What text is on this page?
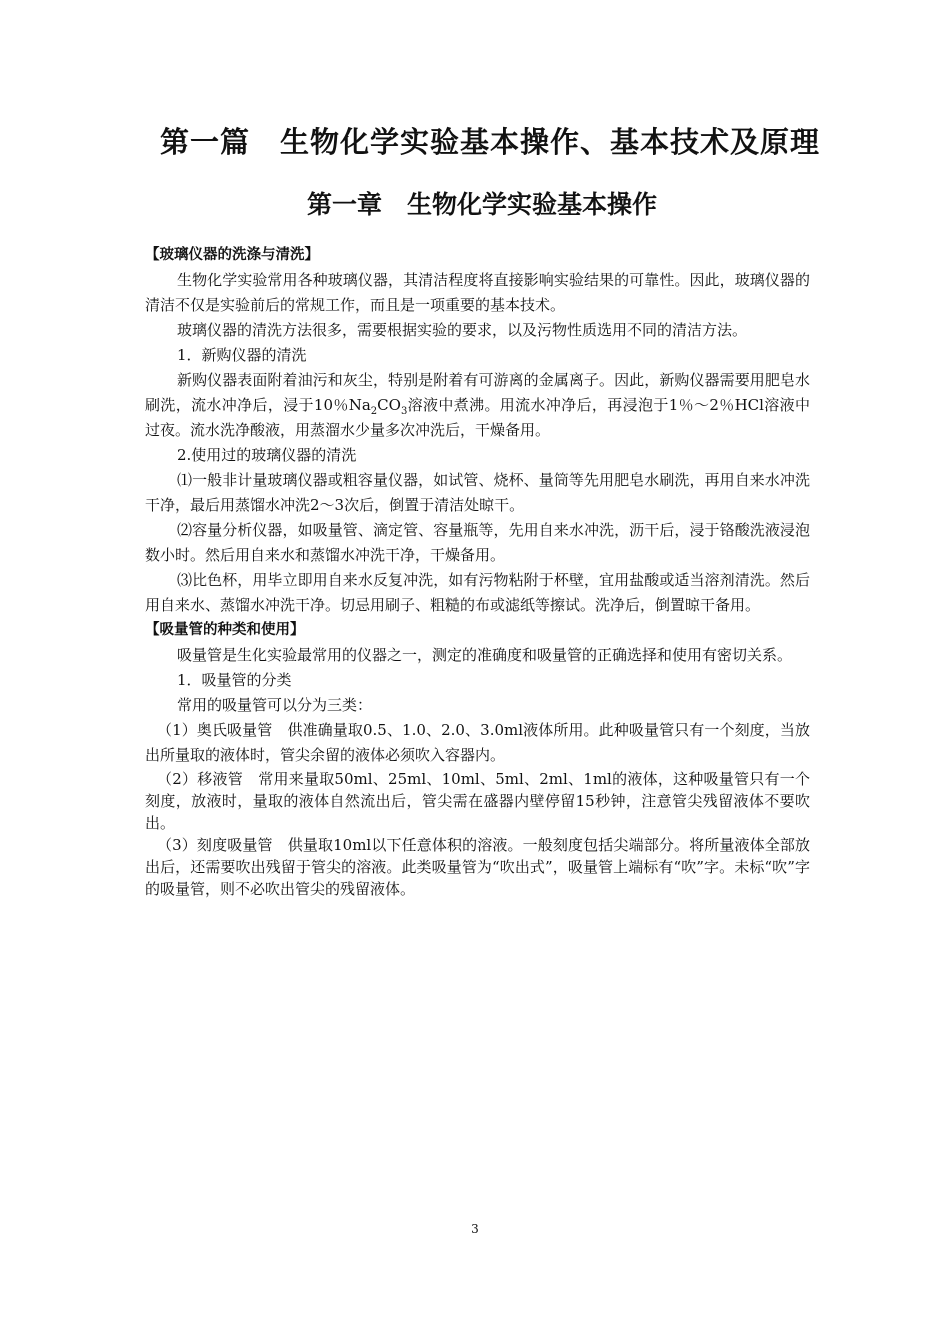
第一篇　生物化学实验基本操作、基本技术及原理
第一章　生物化学实验基本操作

【玻璃仪器的洗涤与清洗】

生物化学实验常用各种玻璃仪器，其清洁程度将直接影响实验结果的可靠性。因此，玻璃仪器的清洁不仅是实验前后的常规工作，而且是一项重要的基本技术。

玻璃仪器的清洗方法很多，需要根据实验的要求，以及污物性质选用不同的清洁方法。

1．新购仪器的清洗

新购仪器表面附着油污和灰尘，特别是附着有可游离的金属离子。因此，新购仪器需要用肥皂水刷洗，流水冲净后，浸于10％$Na_2CO_3$溶液中煮沸。用流水冲净后，再浸泡于1％～2％HCl溶液中过夜。流水洗净酸液，用蒸溜水少量多次冲洗后，干燥备用。

2.使用过的玻璃仪器的清洗

⑴一般非计量玻璃仪器或粗容量仪器，如试管、烧杯、量筒等先用肥皂水刷洗，再用自来水冲洗干净，最后用蒸馏水冲洗2～3次后，倒置于清洁处晾干。

⑵容量分析仪器，如吸量管、滴定管、容量瓶等，先用自来水冲洗，沥干后，浸于铬酸洗液浸泡数小时。然后用自来水和蒸馏水冲洗干净，干燥备用。

⑶比色杯，用毕立即用自来水反复冲洗，如有污物粘附于杯壁，宜用盐酸或适当溶剂清洗。然后用自来水、蒸馏水冲洗干净。切忌用刷子、粗糙的布或滤纸等擦试。洗净后，倒置晾干备用。

【吸量管的种类和使用】

吸量管是生化实验最常用的仪器之一，测定的准确度和吸量管的正确选择和使用有密切关系。

1．吸量管的分类

常用的吸量管可以分为三类：

（1）奥氏吸量管　供准确量取0.5、1.0、2.0、3.0ml液体所用。此种吸量管只有一个刻度，当放出所量取的液体时，管尖余留的液体必须吹入容器内。

（2）移液管　常用来量取50ml、25ml、10ml、5ml、2ml、1ml的液体，这种吸量管只有一个刻度，放液时，量取的液体自然流出后，管尖需在盛器内壁停留15秒钟，注意管尖残留液体不要吹出。

（3）刻度吸量管　供量取10ml以下任意体积的溶液。一般刻度包括尖端部分。将所量液体全部放出后，还需要吹出残留于管尖的溶液。此类吸量管为“吹出式”，吸量管上端标有“吹”字。未标“吹”字的吸量管，则不必吹出管尖的残留液体。

3
